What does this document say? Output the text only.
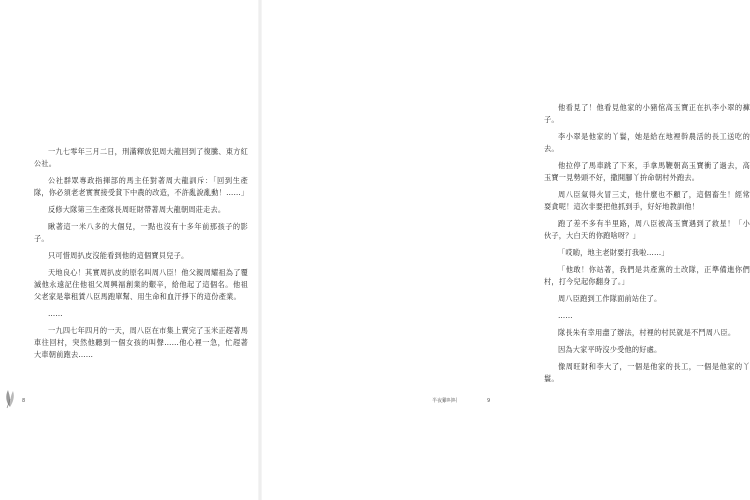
一九七零年三月二日，刑滿釋放犯周大龍回到了復騰、東方紅公社。

公社群眾專政指揮部的馬主任對著周大龍訓斥：「回到生產隊，你必須老老實實接受貧下中農的改造，不許亂說亂動！……」

反修大隊第三生產隊長周旺財帶著周大龍朝周莊走去。

瞅著這一米八多的大個兒，一點也沒有十多年前那孩子的影子。

只可惜周扒皮沒能看到他的這個寶貝兒子。

天地良心！其實周扒皮的原名叫周八臣！他父親周耀祖為了覆滅他永遠記住他祖父周興福創業的艱辛，給他起了這個名。他祖父老家是靠租賃八臣馬跑單幫、用生命和血汗掙下的這份產業。

……

一九四七年四月的一天，周八臣在市集上賣完了玉米正趕著馬車往回村，突然他聽到一個女孩的叫聲……他心裡一急，忙趕著大車朝前跑去……

8

他看見了！他看見他家的小豬倌高玉寶正在扒李小翠的褲子。

李小翠是他家的丫鬟，她是給在地裡幹農活的長工送吃的去。

他拉停了馬車跳了下來，手拿馬鞭朝高玉寶衝了過去，高玉寶一見勢頭不好，撒開腳丫拚命朝村外跑去。

周八臣氣得火冒三丈，他什麼也不顧了，這個畜生！經常耍貪呢！這次非要把他抓到手，好好地教訓他！

跑了差不多有半里路，周八臣被高玉寶遇到了救星！「小伙子，大白天的你跑啥呀？」

「哎喲，地主老財要打我啦……」

「他敢！你站著，我們是共產黨的土改隊，正準備進你們村，打今兒起你翻身了。」

周八臣跑到工作隊面前站住了。

……

隊長朱有幸用盡了辦法，村裡的村民就是不鬥周八臣。

因為大家平時沒少受他的好處。

像周旺財和李大了，一個是他家的長工，一個是他家的丫鬟。

半夜雞叫叫	9
